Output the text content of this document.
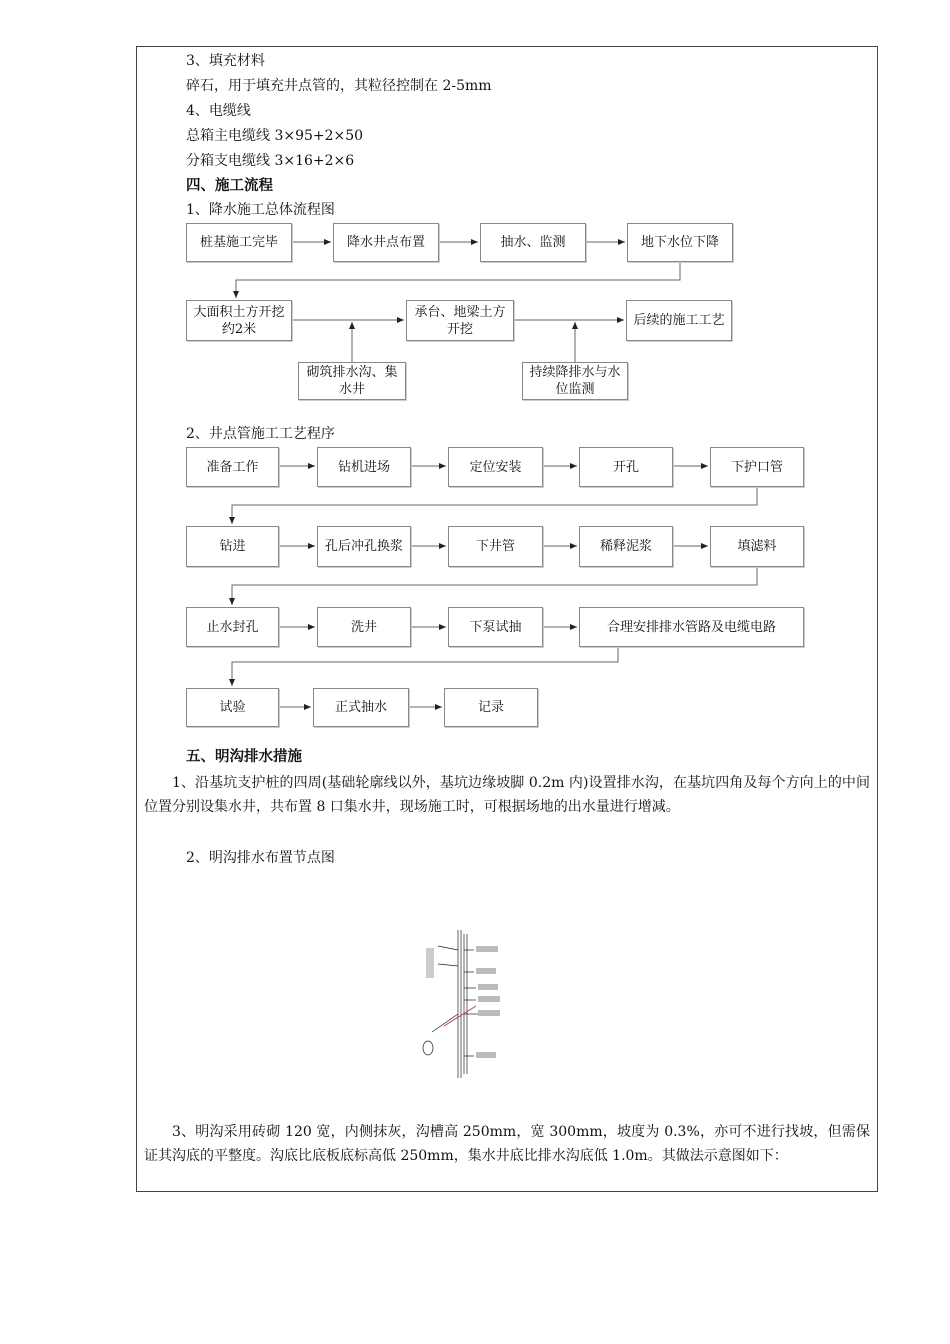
3、填充材料
碎石，用于填充井点管的，其粒径控制在 2-5mm
4、电缆线
总箱主电缆线 3×95+2×50
分箱支电缆线 3×16+2×6
四、施工流程
1、降水施工总体流程图
桩基施工完毕	降水井点布置	抽水、监测	地下水位下降
大面积土方开挖约2米
承台、地梁土方开挖
后续的施工工艺
砌筑排水沟、集水井
持续降排水与水位监测
2、井点管施工工艺程序
准备工作	钻机进场	定位安装	开孔	下护口管
钻进	孔后冲孔换浆	下井管	稀释泥浆	填滤料
止水封孔	洗井	下泵试抽	合理安排排水管路及电缆电路
试验	正式抽水	记录
五、明沟排水措施
1、沿基坑支护桩的四周(基础轮廓线以外，基坑边缘坡脚 0.2m 内)设置排水沟，在基坑四角及每个方向上的中间位置分别设集水井，共布置 8 口集水井，现场施工时，可根据场地的出水量进行增减。
2、明沟排水布置节点图
3、明沟采用砖砌 120 宽，内侧抹灰，沟槽高 250mm，宽 300mm，坡度为 0.3%，亦可不进行找坡，但需保证其沟底的平整度。沟底比底板底标高低 250mm，集水井底比排水沟底低 1.0m。其做法示意图如下：
